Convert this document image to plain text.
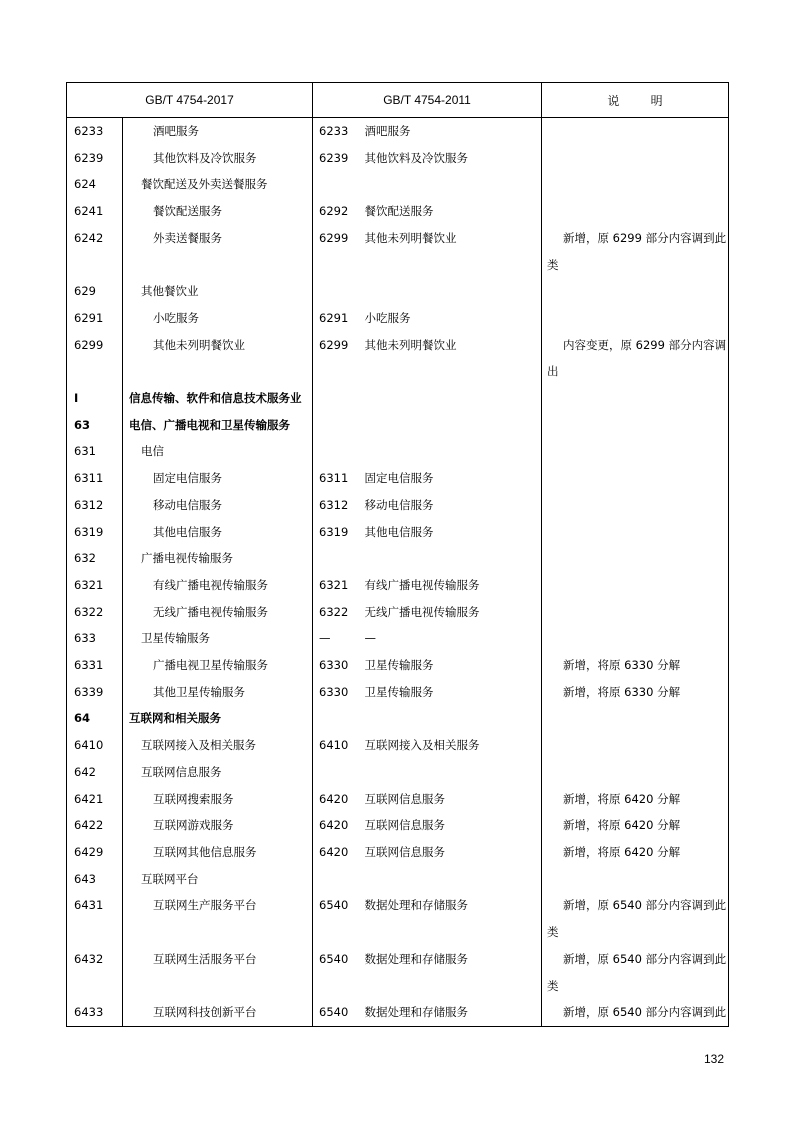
GB/T 4754-2017		GB/T 4754-2011		说 明
6233	酒吧服务	6233	酒吧服务	
6239	其他饮料及冷饮服务	6239	其他饮料及冷饮服务	
624	餐饮配送及外卖送餐服务			
6241	餐饮配送服务	6292	餐饮配送服务	
6242	外卖送餐服务	6299	其他未列明餐饮业	新增，原 6299 部分内容调到此类
629	其他餐饮业			
6291	小吃服务	6291	小吃服务	
6299	其他未列明餐饮业	6299	其他未列明餐饮业	内容变更，原 6299 部分内容调出
I	信息传输、软件和信息技术服务业			
63	电信、广播电视和卫星传输服务			
631	电信			
6311	固定电信服务	6311	固定电信服务	
6312	移动电信服务	6312	移动电信服务	
6319	其他电信服务	6319	其他电信服务	
632	广播电视传输服务			
6321	有线广播电视传输服务	6321	有线广播电视传输服务	
6322	无线广播电视传输服务	6322	无线广播电视传输服务	
633	卫星传输服务	—	—	
6331	广播电视卫星传输服务	6330	卫星传输服务	新增，将原 6330 分解
6339	其他卫星传输服务	6330	卫星传输服务	新增，将原 6330 分解
64	互联网和相关服务			
6410	互联网接入及相关服务	6410	互联网接入及相关服务	
642	互联网信息服务			
6421	互联网搜索服务	6420	互联网信息服务	新增，将原 6420 分解
6422	互联网游戏服务	6420	互联网信息服务	新增，将原 6420 分解
6429	互联网其他信息服务	6420	互联网信息服务	新增，将原 6420 分解
643	互联网平台			
6431	互联网生产服务平台	6540	数据处理和存储服务	新增，原 6540 部分内容调到此类
6432	互联网生活服务平台	6540	数据处理和存储服务	新增，原 6540 部分内容调到此类
6433	互联网科技创新平台	6540	数据处理和存储服务	新增，原 6540 部分内容调到此
132
